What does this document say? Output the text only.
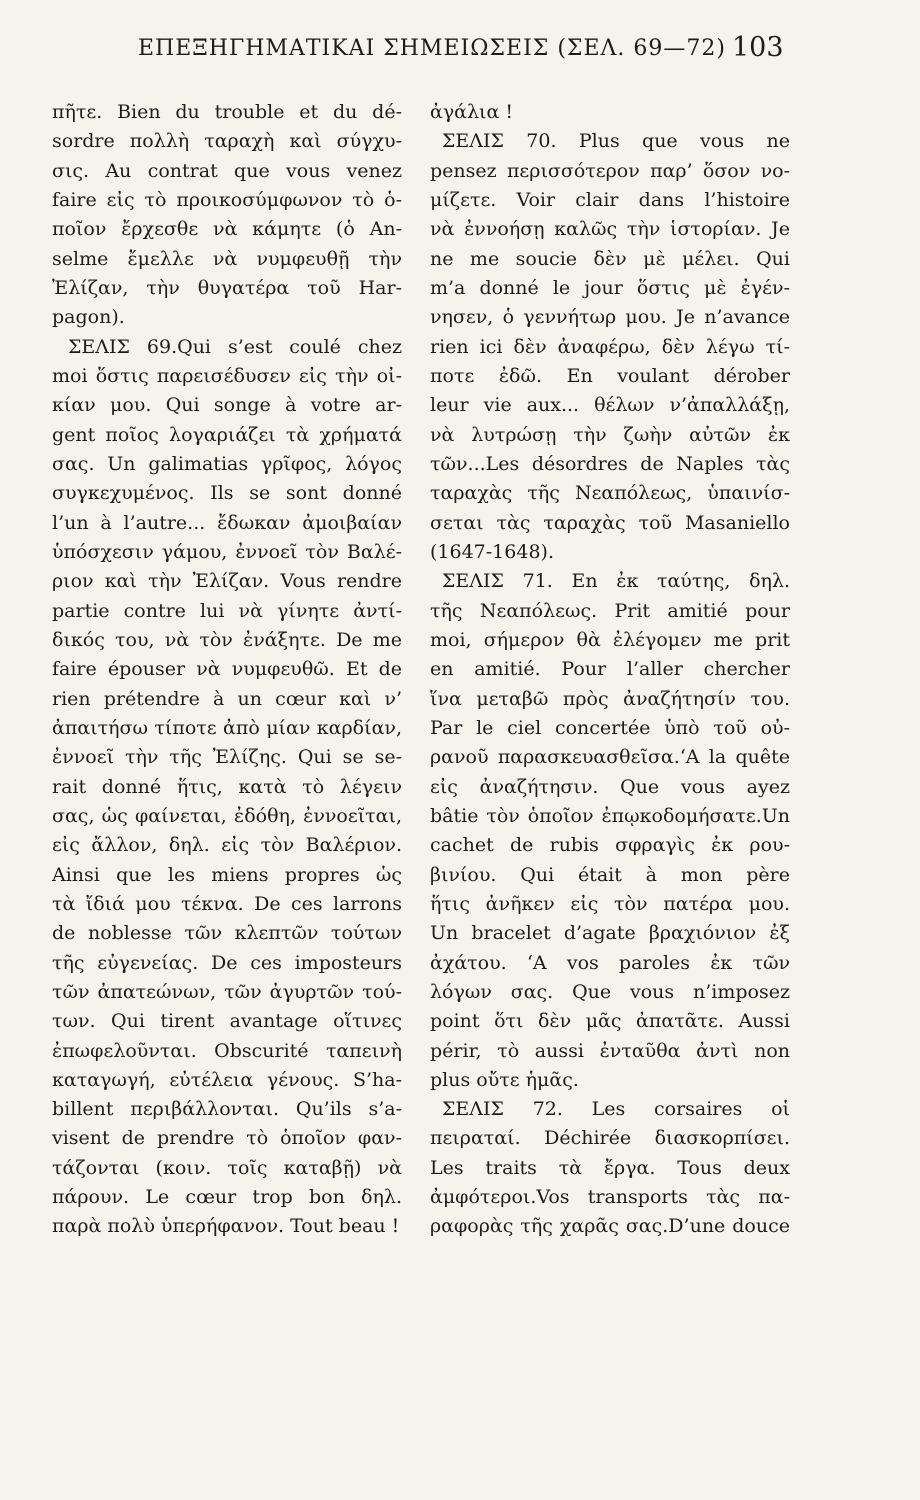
ΕΠΕΞΗΓΗΜΑΤΙΚΑΙ ΣΗΜΕΙΩΣΕΙΣ (ΣΕΛ. 69—72) 103
πῆτε. Bien du trouble et du dé-
sordre πολλὴ ταραχὴ καὶ σύγχυ-
σις. Au contrat que vous venez
faire εἰς τὸ προικοσύμφωνον τὸ ὁ-
ποῖον ἔρχεσθε νὰ κάμητε (ὁ An-
selme ἔμελλε νὰ νυμφευθῇ τὴν
Ἐλίζαν, τὴν θυγατέρα τοῦ Har-
pagon).
ΣΕΛΙΣ 69.Qui s’est coulé chez
moi ὅστις παρεισέδυσεν εἰς τὴν οἰ-
κίαν μου. Qui songe à votre ar-
gent ποῖος λογαριάζει τὰ χρήματά
σας. Un galimatias γρῖφος, λόγος
συγκεχυμένος. Ils se sont donné
l’un à l’autre... ἔδωκαν ἀμοιβαίαν
ὑπόσχεσιν γάμου, ἐννοεῖ τὸν Βαλέ-
ριον καὶ τὴν Ἐλίζαν. Vous rendre
partie contre lui νὰ γίνητε ἀντί-
δικός του, νὰ τὸν ἐνάξητε. De me
faire épouser νὰ νυμφευθῶ. Et de
rien prétendre à un cœur καὶ ν’
ἀπαιτήσω τίποτε ἀπὸ μίαν καρδίαν,
ἐννοεῖ τὴν τῆς Ἐλίζης. Qui se se-
rait donné ἥτις, κατὰ τὸ λέγειν
σας, ὡς φαίνεται, ἐδόθη, ἐννοεῖται,
εἰς ἄλλον, δηλ. εἰς τὸν Βαλέριον.
Ainsi que les miens propres ὡς
τὰ ἴδιά μου τέκνα. De ces larrons
de noblesse τῶν κλεπτῶν τούτων
τῆς εὐγενείας. De ces imposteurs
τῶν ἀπατεώνων, τῶν ἀγυρτῶν τού-
των. Qui tirent avantage οἵτινες
ἐπωφελοῦνται. Obscurité ταπεινὴ
καταγωγή, εὐτέλεια γένους. S’ha-
billent περιβάλλονται. Qu’ils s’a-
visent de prendre τὸ ὁποῖον φαν-
τάζονται (κοιν. τοῖς καταβῇ) νὰ
πάρουν. Le cœur trop bon δηλ.
παρὰ πολὺ ὑπερήφανον. Tout beau !
ἀγάλια !
ΣΕΛΙΣ 70. Plus que vous ne
pensez περισσότερον παρ’ ὅσον νο-
μίζετε. Voir clair dans l’histoire
νὰ ἐννοήσῃ καλῶς τὴν ἱστορίαν. Je
ne me soucie δὲν μὲ μέλει. Qui
m’a donné le jour ὅστις μὲ ἐγέν-
νησεν, ὁ γεννήτωρ μου. Je n’avance
rien ici δὲν ἀναφέρω, δὲν λέγω τί-
ποτε ἐδῶ. En voulant dérober
leur vie aux... θέλων ν’ἀπαλλάξῃ,
νὰ λυτρώσῃ τὴν ζωὴν αὐτῶν ἐκ
τῶν...Les désordres de Naples τὰς
ταραχὰς τῆς Νεαπόλεως, ὑπαινίσ-
σεται τὰς ταραχὰς τοῦ Masaniello
(1647-1648).
ΣΕΛΙΣ 71. En ἐκ ταύτης, δηλ.
τῆς Νεαπόλεως. Prit amitié pour
moi, σήμερον θὰ ἐλέγομεν me prit
en amitié. Pour l’aller chercher
ἵνα μεταβῶ πρὸς ἀναζήτησίν του.
Par le ciel concertée ὑπὸ τοῦ οὐ-
ρανοῦ παρασκευασθεῖσα.‘A la quête
εἰς ἀναζήτησιν. Que vous ayez
bâtie τὸν ὁποῖον ἐπῳκοδομήσατε.Un
cachet de rubis σφραγὶς ἐκ ρου-
βινίου. Qui était à mon père
ἥτις ἀνῆκεν εἰς τὸν πατέρα μου.
Un bracelet d’agate βραχιόνιον ἐξ
ἀχάτου. ‘A vos paroles ἐκ τῶν
λόγων σας. Que vous n’imposez
point ὅτι δὲν μᾶς ἀπατᾶτε. Aussi
périr, τὸ aussi ἐνταῦθα ἀντὶ non
plus οὔτε ἡμᾶς.
ΣΕΛΙΣ 72. Les corsaires οἱ
πειραταί. Déchirée διασκορπίσει.
Les traits τὰ ἔργα. Tous deux
ἀμφότεροι.Vos transports τὰς πα-
ραφορὰς τῆς χαρᾶς σας.D’une douce
